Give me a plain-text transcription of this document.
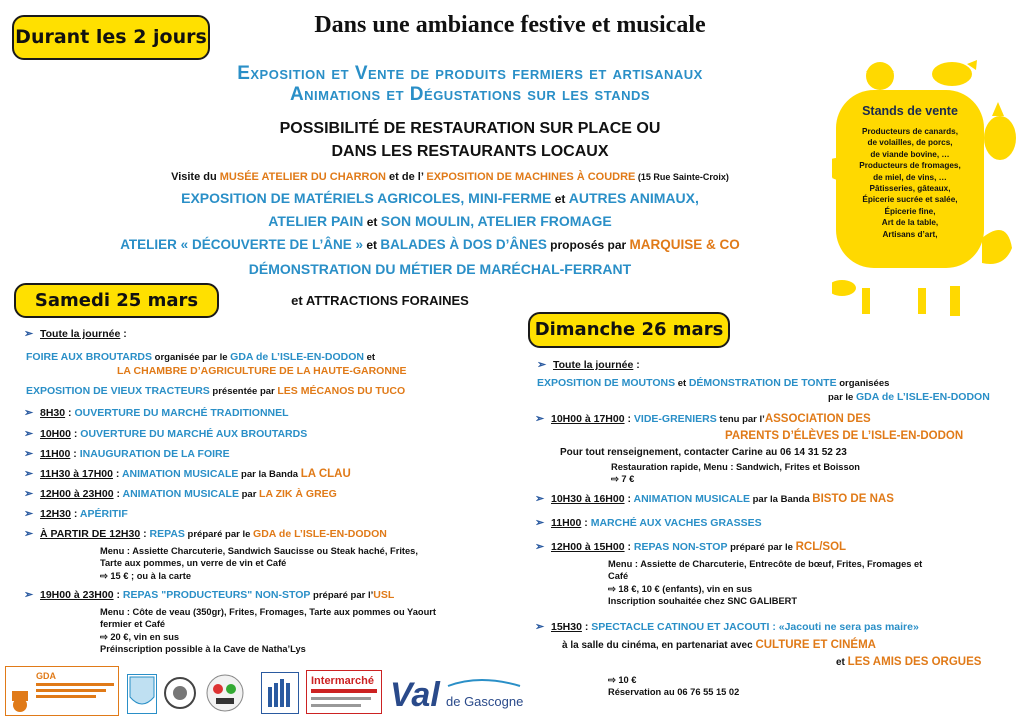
Durant les 2 jours	Dans une ambiance festive et musicale
Exposition et Vente de produits fermiers et artisanaux
Animations et Dégustations sur les stands
POSSIBILITÉ DE RESTAURATION SUR PLACE OU
DANS LES RESTAURANTS LOCAUX
Visite du MUSÉE ATELIER DU CHARRON et de l’ EXPOSITION DE MACHINES À COUDRE (15 Rue Sainte-Croix)
EXPOSITION DE MATÉRIELS AGRICOLES, MINI-FERME et AUTRES ANIMAUX,
ATELIER PAIN et SON MOULIN, ATELIER FROMAGE
ATELIER « DÉCOUVERTE DE L’ÂNE » et BALADES À DOS D’ÂNES proposés par MARQUISE & CO
DÉMONSTRATION DU MÉTIER DE MARÉCHAL-FERRANT
et ATTRACTIONS FORAINES
Stands de vente
Producteurs de canards,
de volailles, de porcs,
de viande bovine, …
Producteurs de fromages,
de miel, de vins, …
Pâtisseries, gâteaux,
Épicerie sucrée et salée,
Épicerie fine,
Art de la table,
Artisans d’art,
Samedi 25 mars
➢ Toute la journée :
FOIRE AUX BROUTARDS organisée par le GDA de L’ISLE-EN-DODON et
LA CHAMBRE D’AGRICULTURE DE LA HAUTE-GARONNE
EXPOSITION DE VIEUX TRACTEURS présentée par LES MÉCANOS DU TUCO
➢ 8H30 : OUVERTURE DU MARCHÉ TRADITIONNEL
➢ 10H00 : OUVERTURE DU MARCHÉ AUX BROUTARDS
➢ 11H00 : INAUGURATION DE LA FOIRE
➢ 11H30 à 17H00 : ANIMATION MUSICALE par la Banda LA CLAU
➢ 12H00 à 23H00 : ANIMATION MUSICALE par LA ZIK À GREG
➢ 12H30 : APÉRITIF
➢ À PARTIR DE 12H30 : REPAS préparé par le GDA de L’ISLE-EN-DODON
Menu : Assiette Charcuterie, Sandwich Saucisse ou Steak haché, Frites,
Tarte aux pommes, un verre de vin et Café
⇨ 15 € ; ou à la carte
➢ 19H00 à 23H00 : REPAS "PRODUCTEURS" NON-STOP préparé par l’USL
Menu : Côte de veau (350gr), Frites, Fromages, Tarte aux pommes ou Yaourt
fermier et Café
⇨ 20 €, vin en sus
Préinscription possible à la Cave de Natha’Lys
Dimanche 26 mars
➢ Toute la journée :
EXPOSITION DE MOUTONS et DÉMONSTRATION DE TONTE organisées
par le GDA de L’ISLE-EN-DODON
➢ 10H00 à 17H00 : VIDE-GRENIERS tenu par l’ASSOCIATION DES
PARENTS D’ÉLÈVES DE L’ISLE-EN-DODON
Pour tout renseignement, contacter Carine au 06 14 31 52 23
Restauration rapide, Menu : Sandwich, Frites et Boisson
⇨ 7 €
➢ 10H30 à 16H00 : ANIMATION MUSICALE par la Banda BISTO DE NAS
➢ 11H00 : MARCHÉ AUX VACHES GRASSES
➢ 12H00 à 15H00 : REPAS NON-STOP préparé par le RCL/SOL
Menu : Assiette de Charcuterie, Entrecôte de bœuf, Frites, Fromages et
Café
⇨ 18 €, 10 € (enfants), vin en sus
Inscription souhaitée chez SNC GALIBERT
➢ 15H30 : SPECTACLE CATINOU ET JACOUTI : «Jacouti ne sera pas maire»
à la salle du cinéma, en partenariat avec CULTURE ET CINÉMA
et LES AMIS DES ORGUES
⇨ 10 €
Réservation au 06 76 55 15 02
GDA	Intermarché Val de Gascogne
